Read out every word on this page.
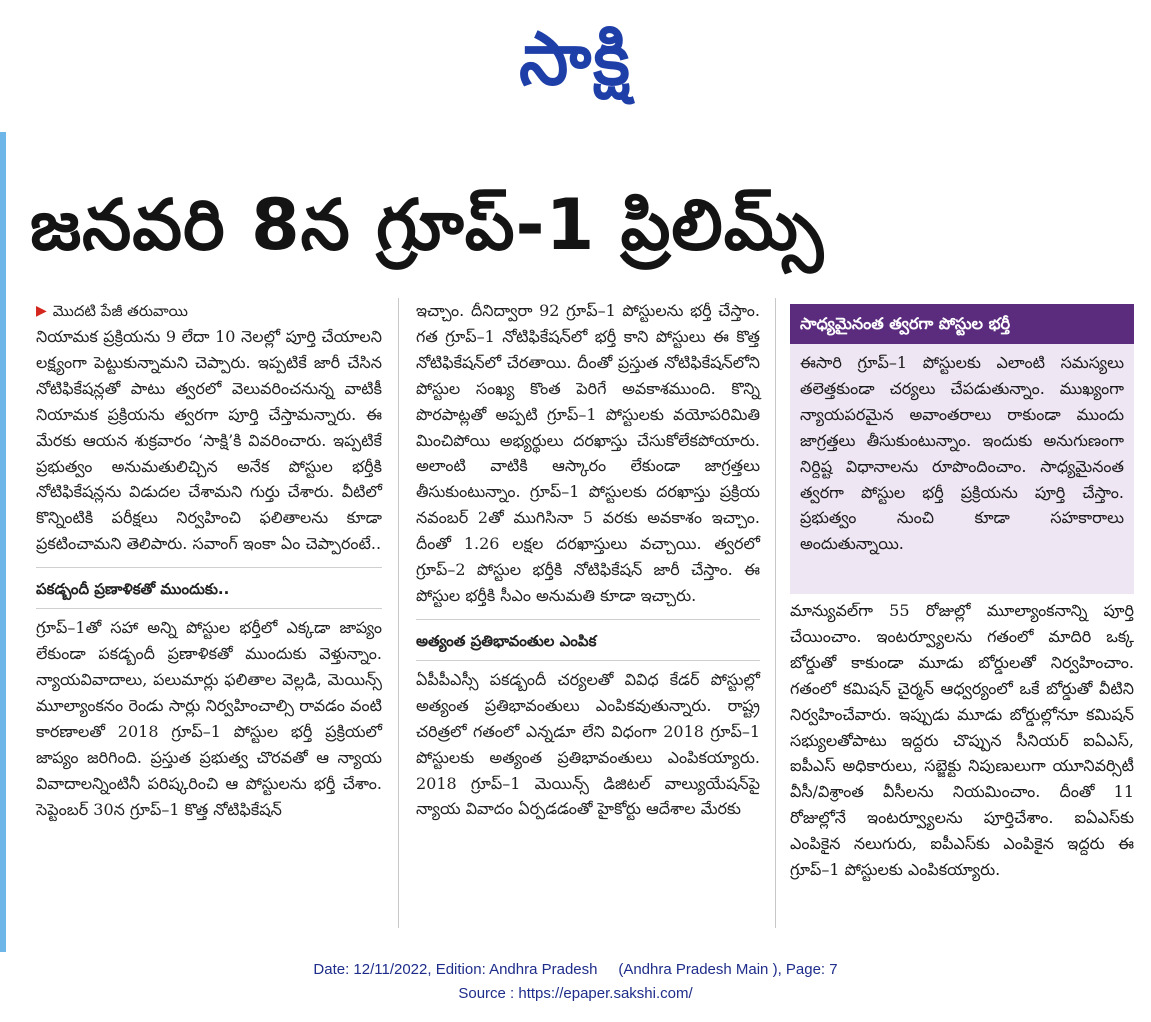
సాక్షి
జనవరి 8న గ్రూప్‌-1 ప్రిలిమ్స్‌
▶ మొదటి పేజీ తరువాయి

నియామక ప్రక్రియను 9 లేదా 10 నెలల్లో పూర్తి చేయాలని లక్ష్యంగా పెట్టుకున్నామని చెప్పారు. ఇప్పటికే జారీ చేసిన నోటిఫికేషన్లతో పాటు త్వరలో వెలువరించనున్న వాటికీ నియామక ప్రక్రియను త్వరగా పూర్తి చేస్తామన్నారు. ఈ మేరకు ఆయన శుక్రవారం ‘సాక్షి’కి వివరించారు. ఇప్పటికే ప్రభుత్వం అనుమతులిచ్చిన అనేక పోస్టుల భర్తీకి నోటిఫికేషన్లను విడుదల చేశామని గుర్తు చేశారు. వీటిలో కొన్నింటికి పరీక్షలు నిర్వహించి ఫలితాలను కూడా ప్రకటించామని తెలిపారు. సవాంగ్‌ ఇంకా ఏం చెప్పారంటే..

పకడ్బందీ ప్రణాళికతో ముందుకు..

గ్రూప్‌–1తో సహా అన్ని పోస్టుల భర్తీలో ఎక్కడా జాప్యం లేకుండా పకడ్బందీ ప్రణాళికతో ముందుకు వెళ్తున్నాం. న్యాయవివాదాలు, పలుమార్లు ఫలితాల వెల్లడి, మెయిన్స్‌ మూల్యాంకనం రెండు సార్లు నిర్వహించాల్సి రావడం వంటి కారణాలతో 2018 గ్రూప్‌–1 పోస్టుల భర్తీ ప్రక్రియలో జాప్యం జరిగింది. ప్రస్తుత ప్రభుత్వ చొరవతో ఆ న్యాయ వివాదాలన్నింటినీ పరిష్కరించి ఆ పోస్టులను భర్తీ చేశాం. సెప్టెంబర్‌ 30న గ్రూప్‌–1 కొత్త నోటిఫికేషన్‌

ఇచ్చాం. దీనిద్వారా 92 గ్రూప్‌–1 పోస్టులను భర్తీ చేస్తాం. గత గ్రూప్‌–1 నోటిఫికేషన్‌లో భర్తీ కాని పోస్టులు ఈ కొత్త నోటిఫికేషన్‌లో చేరతాయి. దీంతో ప్రస్తుత నోటిఫికేషన్‌లోని పోస్టుల సంఖ్య కొంత పెరిగే అవకాశముంది. కొన్ని పొరపాట్లతో అప్పటి గ్రూప్‌–1 పోస్టులకు వయోపరిమితి మించిపోయి అభ్యర్థులు దరఖాస్తు చేసుకోలేకపోయారు. అలాంటి వాటికి ఆస్కారం లేకుండా జాగ్రత్తలు తీసుకుంటున్నాం. గ్రూప్‌–1 పోస్టులకు దరఖాస్తు ప్రక్రియ నవంబర్‌ 2తో ముగిసినా 5 వరకు అవకాశం ఇచ్చాం. దీంతో 1.26 లక్షల దరఖాస్తులు వచ్చాయి. త్వరలో గ్రూప్‌–2 పోస్టుల భర్తీకి నోటిఫికేషన్‌ జారీ చేస్తాం. ఈ పోస్టుల భర్తీకి సీఎం అనుమతి కూడా ఇచ్చారు.

అత్యంత ప్రతిభావంతుల ఎంపిక

ఏపీపీఎస్సీ పకడ్బందీ చర్యలతో వివిధ కేడర్‌ పోస్టుల్లో అత్యంత ప్రతిభావంతులు ఎంపికవుతున్నారు. రాష్ట్ర చరిత్రలో గతంలో ఎన్నడూ లేని విధంగా 2018 గ్రూప్‌–1 పోస్టులకు అత్యంత ప్రతిభావంతులు ఎంపికయ్యారు. 2018 గ్రూప్‌–1 మెయిన్స్‌ డిజిటల్‌ వాల్యుయేషన్‌పై న్యాయ వివాదం ఏర్పడడంతో హైకోర్టు ఆదేశాల మేరకు

సాధ్యమైనంత త్వరగా పోస్టుల భర్తీ
ఈసారి గ్రూప్‌–1 పోస్టులకు ఎలాంటి సమస్యలు తలెత్తకుండా చర్యలు చేపడుతున్నాం. ముఖ్యంగా న్యాయపరమైన అవాంతరాలు రాకుండా ముందు జాగ్రత్తలు తీసుకుంటున్నాం. ఇందుకు అనుగుణంగా నిర్దిష్ట విధానాలను రూపొందించాం. సాధ్యమైనంత త్వరగా పోస్టుల భర్తీ ప్రక్రియను పూర్తి చేస్తాం. ప్రభుత్వం నుంచి కూడా సహకారాలు అందుతున్నాయి.
మాన్యువల్‌గా 55 రోజుల్లో మూల్యాంకనాన్ని పూర్తి చేయించాం. ఇంటర్వ్యూలను గతంలో మాదిరి ఒక్క బోర్డుతో కాకుండా మూడు బోర్డులతో నిర్వహించాం. గతంలో కమిషన్‌ చైర్మన్‌ ఆధ్వర్యంలో ఒకే బోర్డుతో వీటిని నిర్వహించేవారు. ఇప్పుడు మూడు బోర్డుల్లోనూ కమిషన్‌ సభ్యులతోపాటు ఇద్దరు చొప్పున సీనియర్‌ ఐఏఎస్, ఐపీఎస్‌ అధికారులు, సబ్జెక్టు నిపుణులుగా యూనివర్సిటీ వీసీ/విశ్రాంత వీసీలను నియమించాం. దీంతో 11 రోజుల్లోనే ఇంటర్వ్యూలను పూర్తిచేశాం. ఐఏఎస్‌కు ఎంపికైన నలుగురు, ఐపీఎస్‌కు ఎంపికైన ఇద్దరు ఈ గ్రూప్‌–1 పోస్టులకు ఎంపికయ్యారు.
Date: 12/11/2022, Edition: Andhra Pradesh     (Andhra Pradesh Main ), Page: 7
Source : https://epaper.sakshi.com/
